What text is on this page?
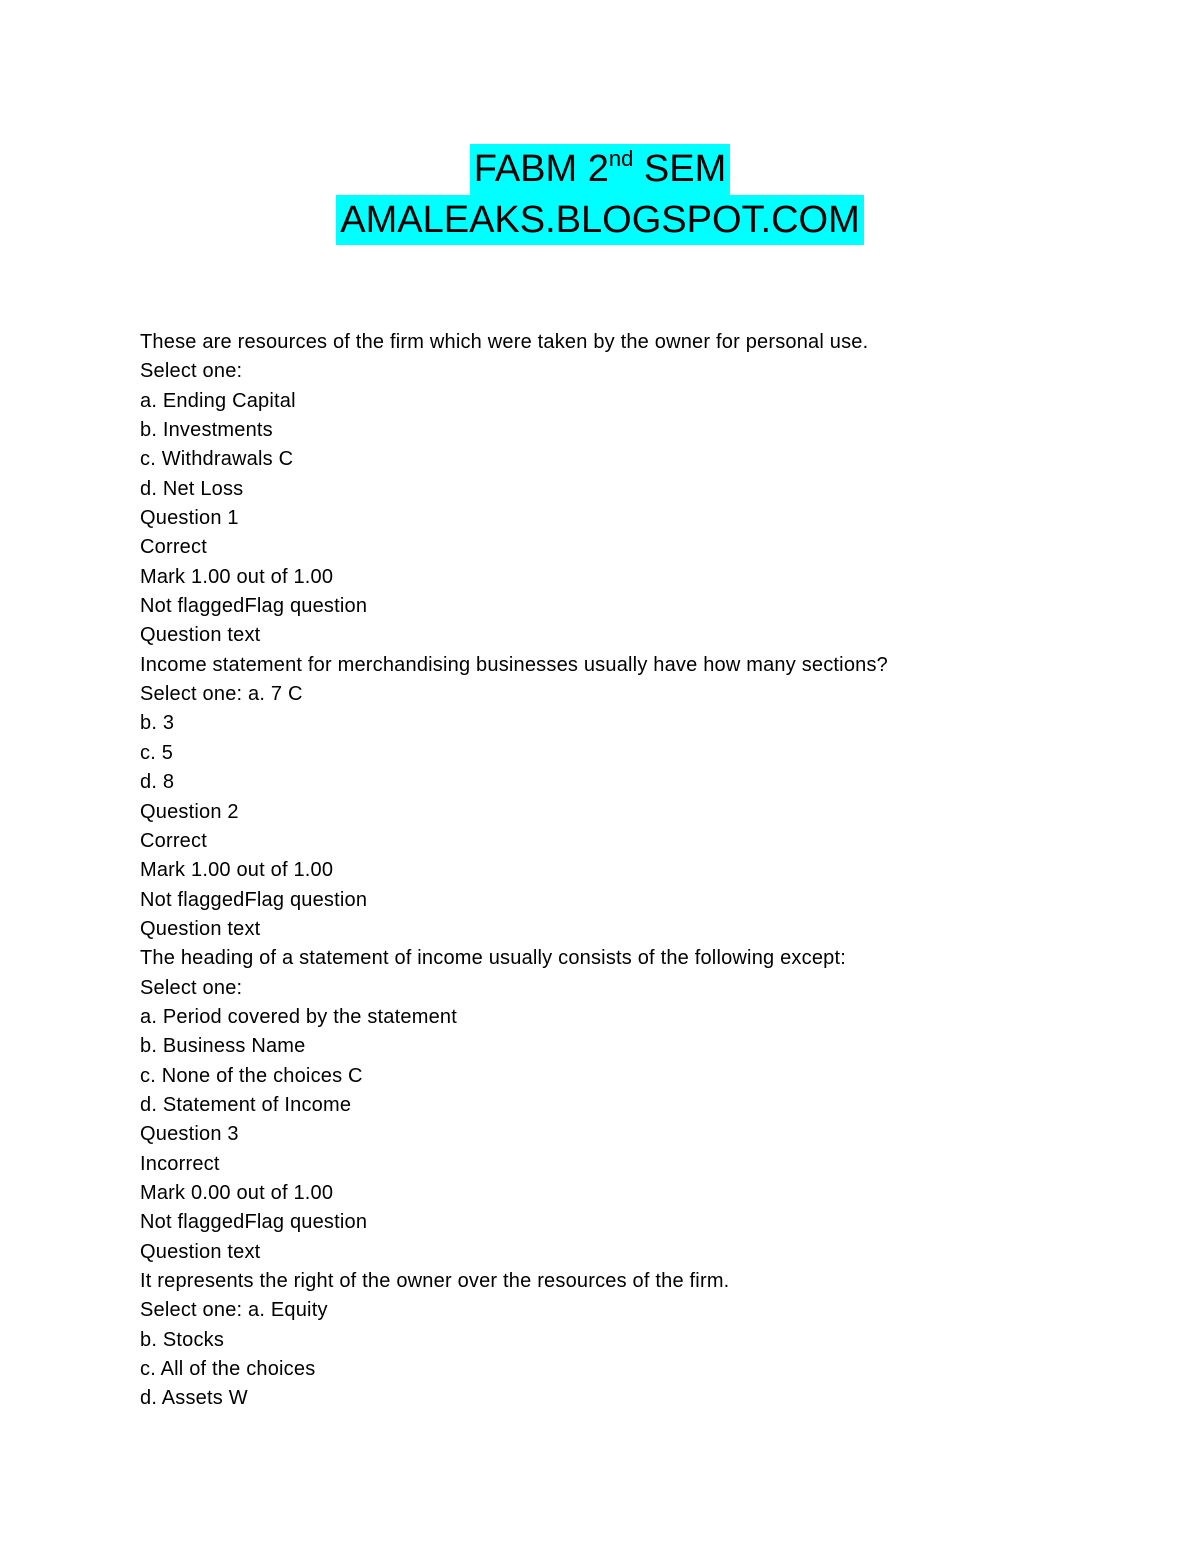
FABM 2nd SEM
AMALEAKS.BLOGSPOT.COM
These are resources of the firm which were taken by the owner for personal use.
Select one:
a. Ending Capital
b. Investments
c. Withdrawals C
d. Net Loss
Question 1
Correct
Mark 1.00 out of 1.00
Not flaggedFlag question
Question text
Income statement for merchandising businesses usually have how many sections?
Select one: a. 7 C
b. 3
c. 5
d. 8
Question 2
Correct
Mark 1.00 out of 1.00
Not flaggedFlag question
Question text
The heading of a statement of income usually consists of the following except:
Select one:
a. Period covered by the statement
b. Business Name
c. None of the choices C
d. Statement of Income
Question 3
Incorrect
Mark 0.00 out of 1.00
Not flaggedFlag question
Question text
It represents the right of the owner over the resources of the firm.
Select one: a. Equity
b. Stocks
c. All of the choices
d. Assets W
